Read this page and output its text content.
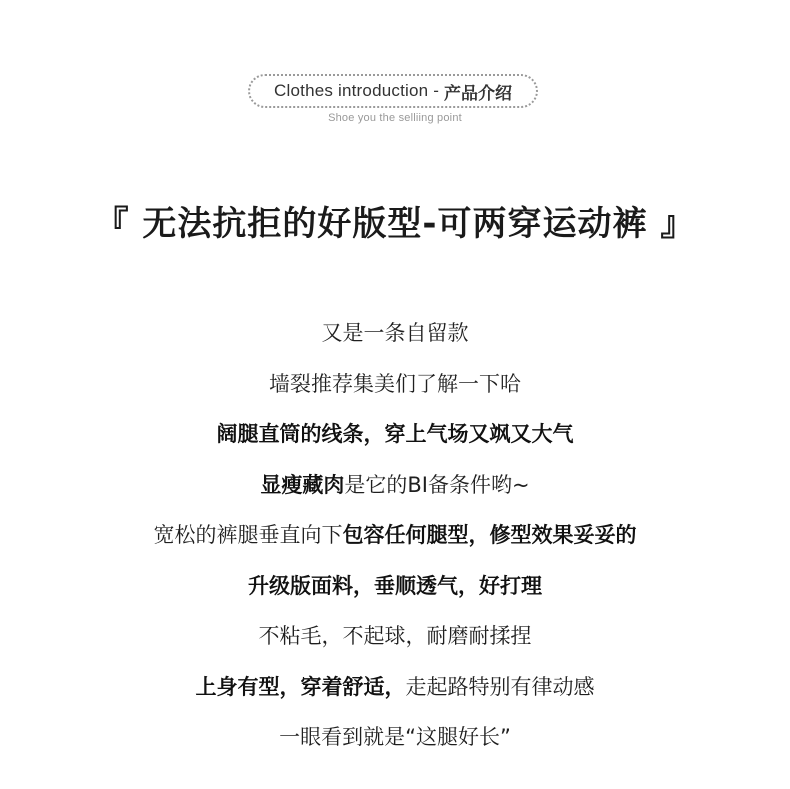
Clothes introduction - 产品介绍
Shoe you the selliing point
『 无法抗拒的好版型-可两穿运动裤 』
又是一条自留款
墙裂推荐集美们了解一下哈
阔腿直筒的线条，穿上气场又飒又大气
显瘦藏肉是它的BI备条件哟~
宽松的裤腿垂直向下包容任何腿型，修型效果妥妥的
升级版面料，垂顺透气，好打理
不粘毛，不起球，耐磨耐揉捏
上身有型，穿着舒适，走起路特别有律动感
一眼看到就是“这腿好长”
